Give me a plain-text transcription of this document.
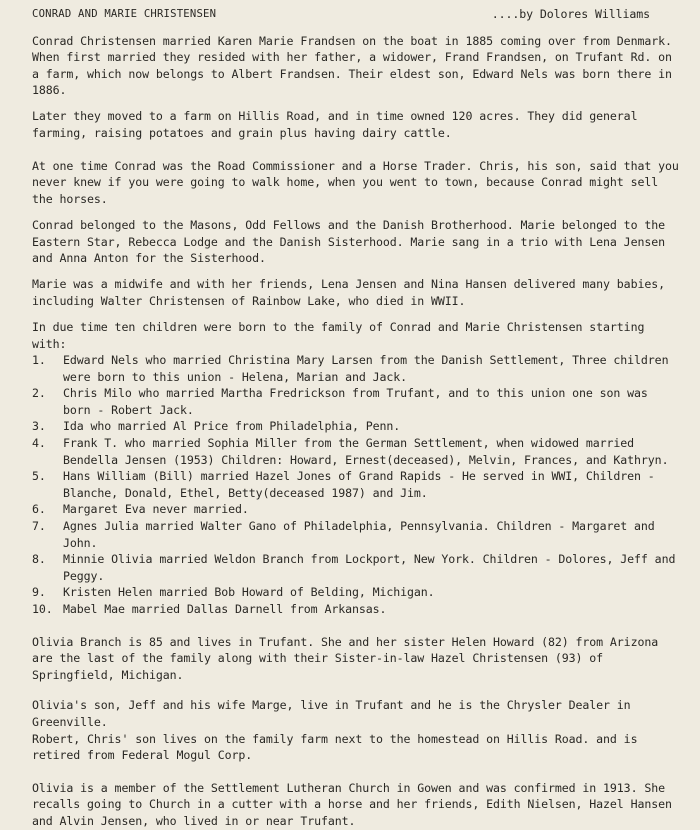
CONRAD AND MARIE CHRISTENSEN	....by Dolores Williams

Conrad Christensen married Karen Marie Frandsen on the boat in 1885 coming over from Denmark. When first married they resided with her father, a widower, Frand Frandsen, on Trufant Rd. on a farm, which now belongs to Albert Frandsen. Their eldest son, Edward Nels was born there in 1886.

Later they moved to a farm on Hillis Road, and in time owned 120 acres. They did general farming, raising potatoes and grain plus having dairy cattle.

At one time Conrad was the Road Commissioner and a Horse Trader. Chris, his son, said that you never knew if you were going to walk home, when you went to town, because Conrad might sell the horses.

Conrad belonged to the Masons, Odd Fellows and the Danish Brotherhood. Marie belonged to the Eastern Star, Rebecca Lodge and the Danish Sisterhood. Marie sang in a trio with Lena Jensen and Anna Anton for the Sisterhood.

Marie was a midwife and with her friends, Lena Jensen and Nina Hansen delivered many babies, including Walter Christensen of Rainbow Lake, who died in WWII.

In due time ten children were born to the family of Conrad and Marie Christensen starting with:

1.	Edward Nels who married Christina Mary Larsen from the Danish Settlement, Three children were born to this union - Helena, Marian and Jack.
2.	Chris Milo who married Martha Fredrickson from Trufant, and to this union one son was born - Robert Jack.
3.	Ida who married Al Price from Philadelphia, Penn.
4.	Frank T. who married Sophia Miller from the German Settlement, when widowed married Bendella Jensen (1953) Children: Howard, Ernest(deceased), Melvin, Frances, and Kathryn.
5.	Hans William (Bill) married Hazel Jones of Grand Rapids - He served in WWI, Children - Blanche, Donald, Ethel, Betty(deceased 1987) and Jim.
6.	Margaret Eva never married.
7.	Agnes Julia married Walter Gano of Philadelphia, Pennsylvania. Children - Margaret and John.
8.	Minnie Olivia married Weldon Branch from Lockport, New York. Children - Dolores, Jeff and Peggy.
9.	Kristen Helen married Bob Howard of Belding, Michigan.
10. Mabel Mae married Dallas Darnell from Arkansas.

Olivia Branch is 85 and lives in Trufant. She and her sister Helen Howard (82) from Arizona are the last of the family along with their Sister-in-law Hazel Christensen (93) of Springfield, Michigan.

Olivia's son, Jeff and his wife Marge, live in Trufant and he is the Chrysler Dealer in Greenville.

Robert, Chris' son lives on the family farm next to the homestead on Hillis Road. and is retired from Federal Mogul Corp.

Olivia is a member of the Settlement Lutheran Church in Gowen and was confirmed in 1913. She recalls going to Church in a cutter with a horse and her friends, Edith Nielsen, Hazel Hansen and Alvin Jensen, who lived in or near Trufant.
